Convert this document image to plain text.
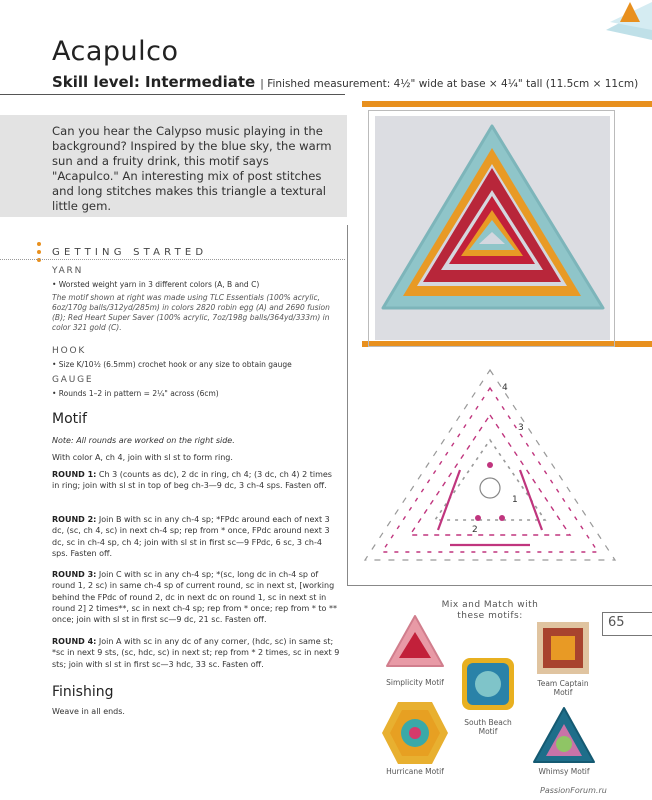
Acapulco
Skill level: Intermediate | Finished measurement: 4½" wide at base × 4¼" tall (11.5cm × 11cm)
Can you hear the Calypso music playing in the background? Inspired by the blue sky, the warm sun and a fruity drink, this motif says "Acapulco." An interesting mix of post stitches and long stitches makes this triangle a textural little gem.
GETTING STARTED
YARN
• Worsted weight yarn in 3 different colors (A, B and C)
The motif shown at right was made using TLC Essentials (100% acrylic, 6oz/170g balls/312yd/285m) in colors 2820 robin egg (A) and 2690 fusion (B); Red Heart Super Saver (100% acrylic, 7oz/198g balls/364yd/333m) in color 321 gold (C).
HOOK
• Size K/10½ (6.5mm) crochet hook or any size to obtain gauge
GAUGE
• Rounds 1–2 in pattern = 2¼" across (6cm)
Motif
Note: All rounds are worked on the right side.
With color A, ch 4, join with sl st to form ring.
ROUND 1: Ch 3 (counts as dc), 2 dc in ring, ch 4; (3 dc, ch 4) 2 times in ring; join with sl st in top of beg ch-3—9 dc, 3 ch-4 sps. Fasten off.
ROUND 2: Join B with sc in any ch-4 sp; *FPdc around each of next 3 dc, (sc, ch 4, sc) in next ch-4 sp; rep from * once, FPdc around next 3 dc, sc in ch-4 sp, ch 4; join with sl st in first sc—9 FPdc, 6 sc, 3 ch-4 sps. Fasten off.
ROUND 3: Join C with sc in any ch-4 sp; *(sc, long dc in ch-4 sp of round 1, 2 sc) in same ch-4 sp of current round, sc in next st, [working behind the FPdc of round 2, dc in next dc on round 1, sc in next st in round 2] 2 times**, sc in next ch-4 sp; rep from * once; rep from * to ** once; join with sl st in first sc—9 dc, 21 sc. Fasten off.
ROUND 4: Join A with sc in any dc of any corner, (hdc, sc) in same st; *sc in next 9 sts, (sc, hdc, sc) in next st; rep from * 2 times, sc in next 9 sts; join with sl st in first sc—3 hdc, 33 sc. Fasten off.
Finishing
Weave in all ends.
1
2
3
4
Mix and Match with these motifs:	65
Simplicity Motif	Team Captain Motif
South Beach Motif
Hurricane Motif	Whimsy Motif
PassionForum.ru
